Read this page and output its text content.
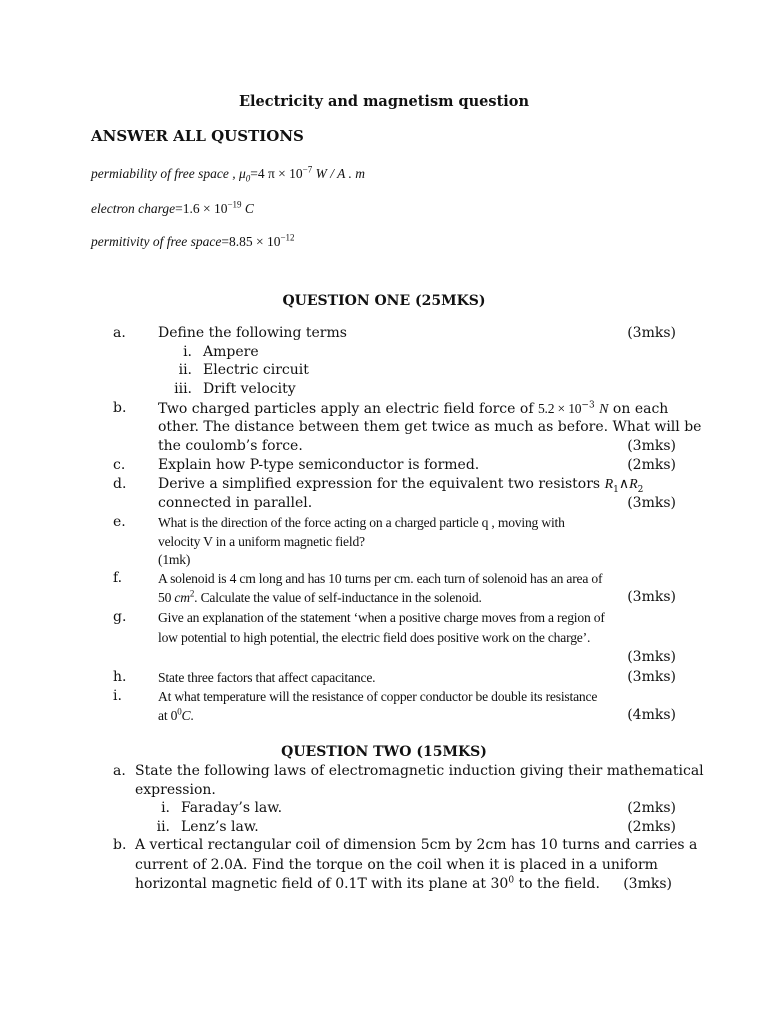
Electricity and magnetism question
ANSWER ALL QUSTIONS
permiability of free space , $\mu_0=4$ $\pi \times 10^{-7}$ W / A . m
electron charge=1.6 × $10^{-19}$ C
permitivity of free space=8.85 × $10^{-12}$
QUESTION ONE (25MKS)
a. Define the following terms	(3mks)
i. Ampere
ii. Electric circuit
iii. Drift velocity
b. Two charged particles apply an electric field force of $5.2 \times 10^{-3}$ N on each
other. The distance between them get twice as much as before. What will be
the coulomb’s force.	(3mks)
c. Explain how P-type semiconductor is formed.	(2mks)
d. Derive a simplified expression for the equivalent two resistors $R_1\wedge R_2$
connected in parallel.	(3mks)
e. What is the direction of the force acting on a charged particle q , moving with
velocity V in a uniform magnetic field?
(1mk)
f.	A solenoid is 4 cm long and has 10 turns per cm. each turn of solenoid has an area of
50 $cm^2$. Calculate the value of self-inductance in the solenoid.	(3mks)
g. Give an explanation of the statement ‘when a positive charge moves from a region of
low potential to high potential, the electric field does positive work on the charge’.
(3mks)
h. State three factors that affect capacitance.	(3mks)
i.	At what temperature will the resistance of copper conductor be double its resistance
at $0^0C$.	(4mks)
QUESTION TWO (15MKS)
a. State the following laws of electromagnetic induction giving their mathematical
expression.
i. Faraday’s law.	(2mks)
ii. Lenz’s law.	(2mks)
b. A vertical rectangular coil of dimension 5cm by 2cm has 10 turns and carries a
current of 2.0A. Find the torque on the coil when it is placed in a uniform
horizontal magnetic field of 0.1T with its plane at $30^0$ to the field. (3mks)
